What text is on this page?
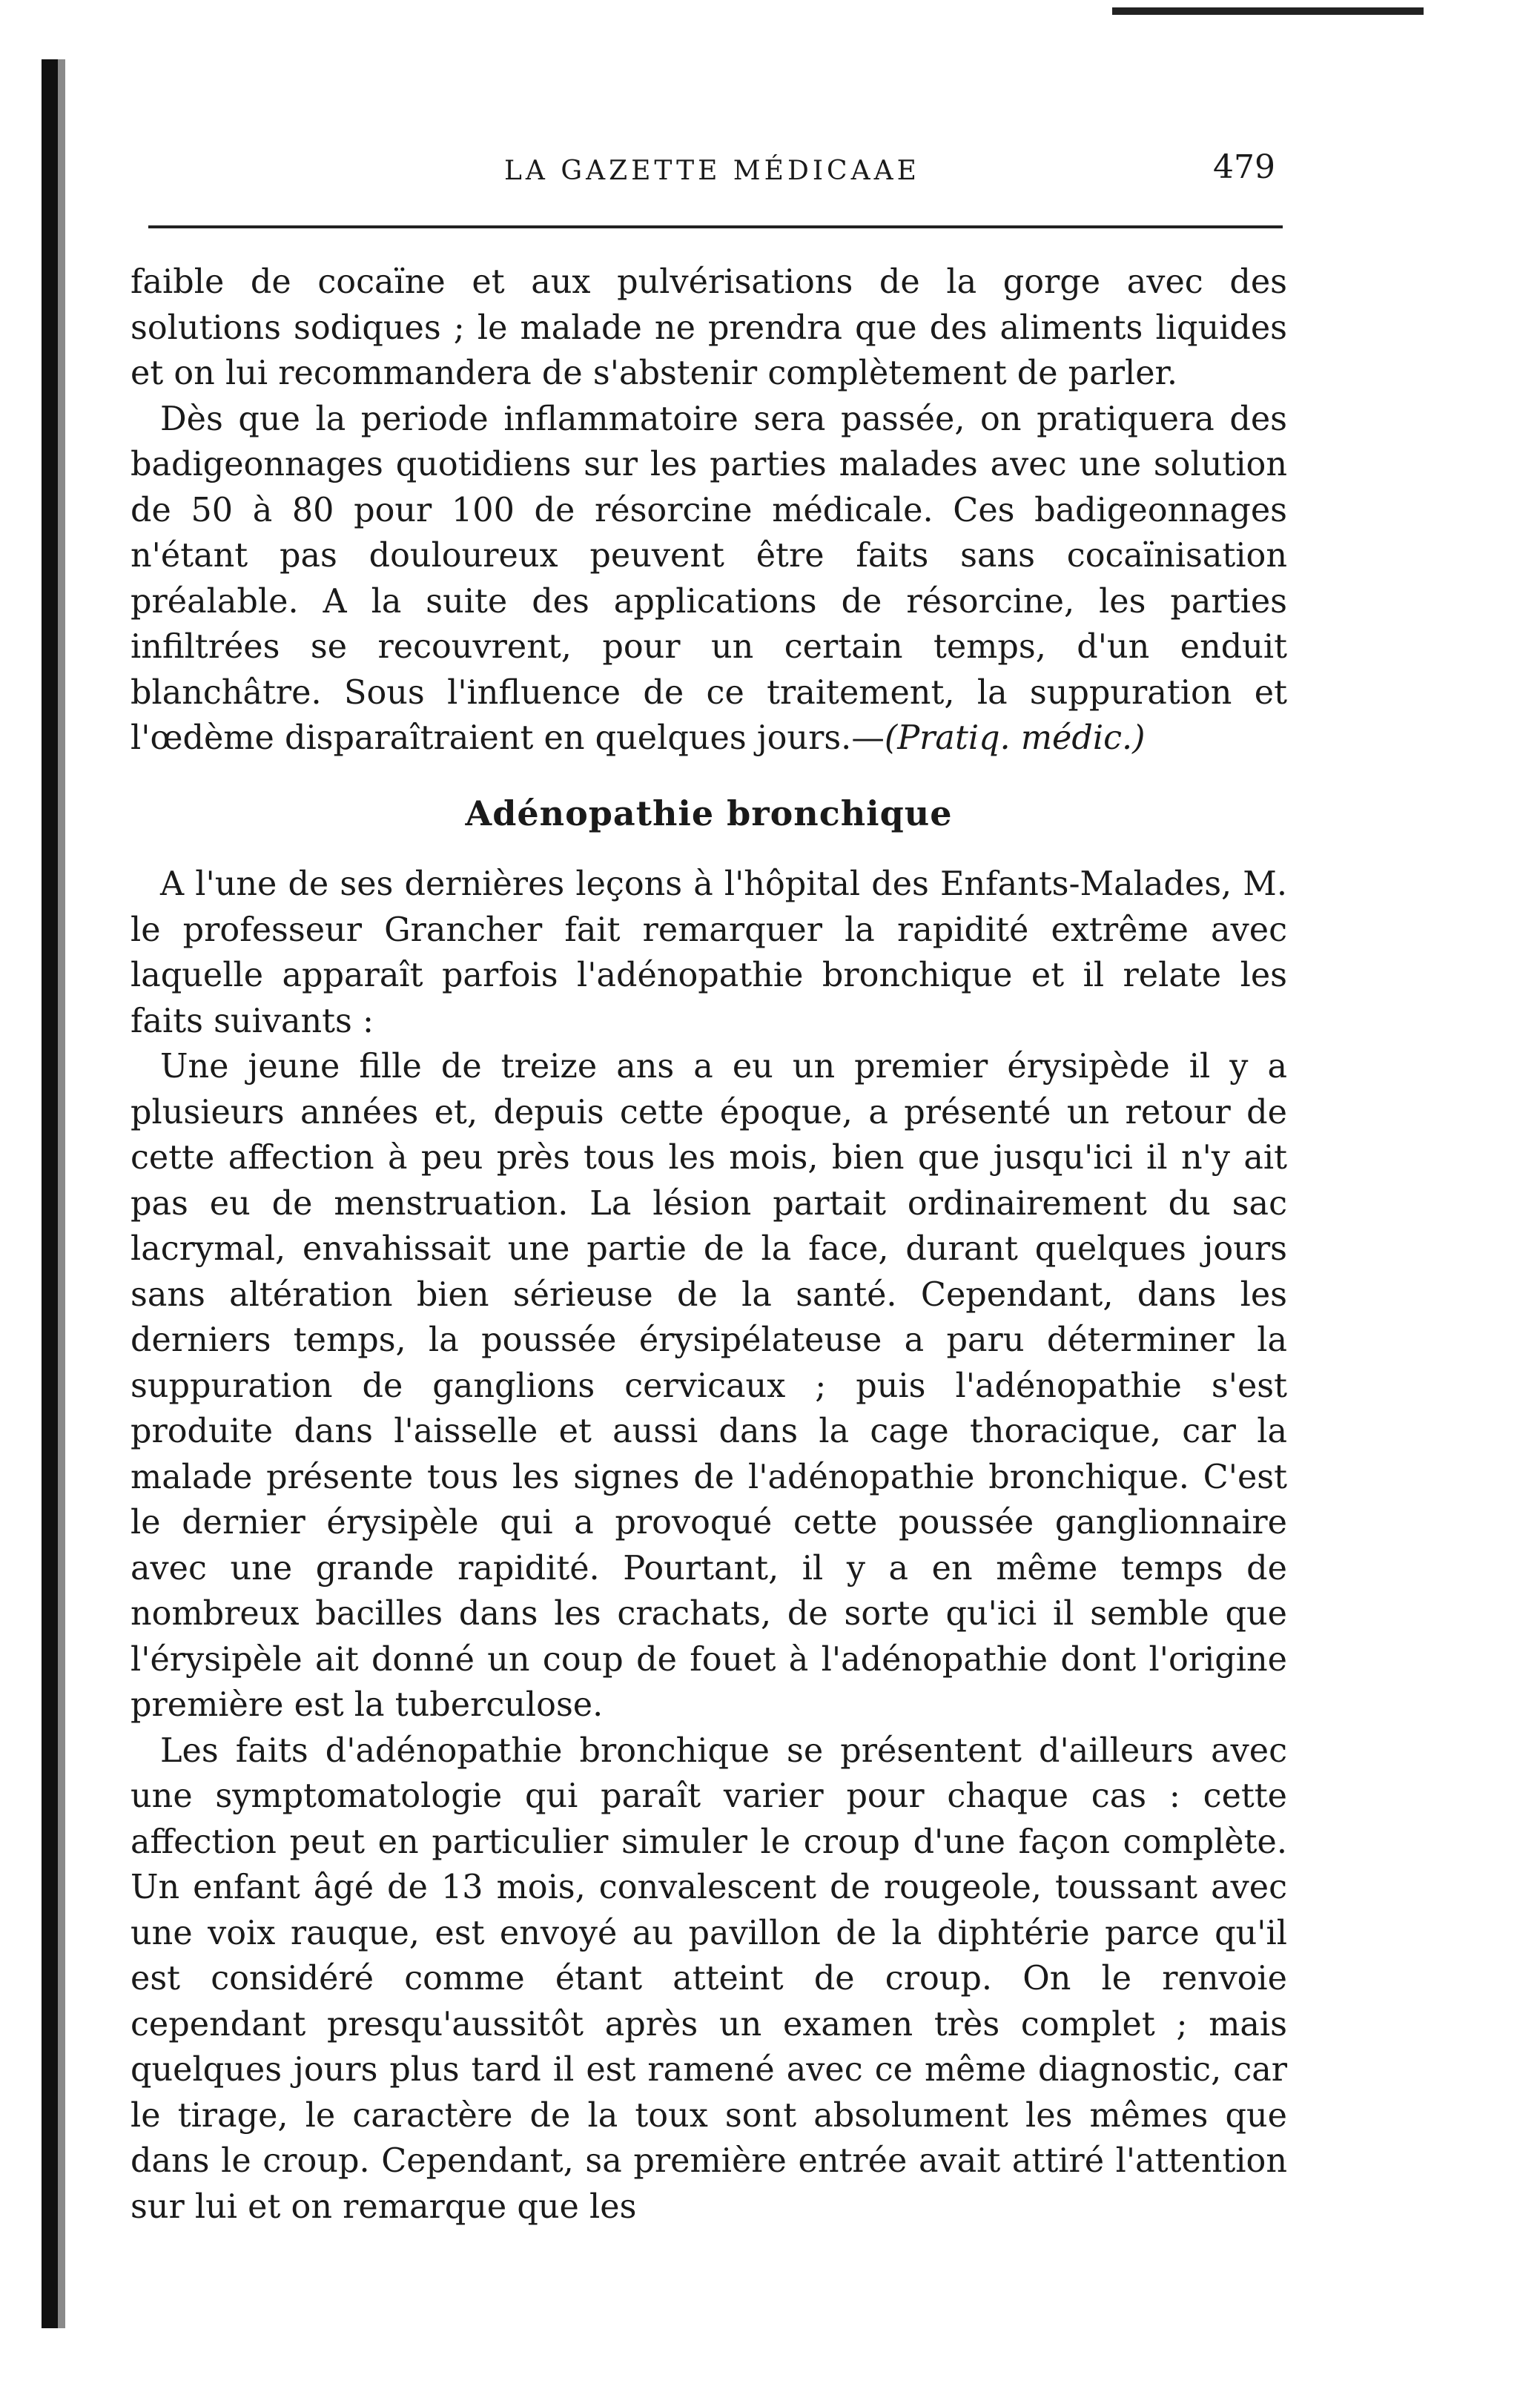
LA GAZETTE MÉDICAAE	479

faible de cocaïne et aux pulvérisations de la gorge avec des solutions sodiques ; le malade ne prendra que des aliments liquides et on lui recommandera de s'abstenir complètement de parler.

Dès que la periode inflammatoire sera passée, on pratiquera des badigeonnages quotidiens sur les parties malades avec une solution de 50 à 80 pour 100 de résorcine médicale. Ces badigeonnages n'étant pas douloureux peuvent être faits sans cocaïnisation préalable. A la suite des applications de résorcine, les parties infiltrées se recouvrent, pour un certain temps, d'un enduit blanchâtre. Sous l'influence de ce traitement, la suppuration et l'œdème disparaîtraient en quelques jours.—(Pratiq. médic.)

Adénopathie bronchique

A l'une de ses dernières leçons à l'hôpital des Enfants-Malades, M. le professeur Grancher fait remarquer la rapidité extrême avec laquelle apparaît parfois l'adénopathie bronchique et il relate les faits suivants :

Une jeune fille de treize ans a eu un premier érysipède il y a plusieurs années et, depuis cette époque, a présenté un retour de cette affection à peu près tous les mois, bien que jusqu'ici il n'y ait pas eu de menstruation. La lésion partait ordinairement du sac lacrymal, envahissait une partie de la face, durant quelques jours sans altération bien sérieuse de la santé. Cependant, dans les derniers temps, la poussée érysipélateuse a paru déterminer la suppuration de ganglions cervicaux ; puis l'adénopathie s'est produite dans l'aisselle et aussi dans la cage thoracique, car la malade présente tous les signes de l'adénopathie bronchique. C'est le dernier érysipèle qui a provoqué cette poussée ganglionnaire avec une grande rapidité. Pourtant, il y a en même temps de nombreux bacilles dans les crachats, de sorte qu'ici il semble que l'érysipèle ait donné un coup de fouet à l'adénopathie dont l'origine première est la tuberculose.

Les faits d'adénopathie bronchique se présentent d'ailleurs avec une symptomatologie qui paraît varier pour chaque cas : cette affection peut en particulier simuler le croup d'une façon complète. Un enfant âgé de 13 mois, convalescent de rougeole, toussant avec une voix rauque, est envoyé au pavillon de la diphtérie parce qu'il est considéré comme étant atteint de croup. On le renvoie cependant presqu'aussitôt après un examen très complet ; mais quelques jours plus tard il est ramené avec ce même diagnostic, car le tirage, le caractère de la toux sont absolument les mêmes que dans le croup. Cependant, sa première entrée avait attiré l'attention sur lui et on remarque que les
